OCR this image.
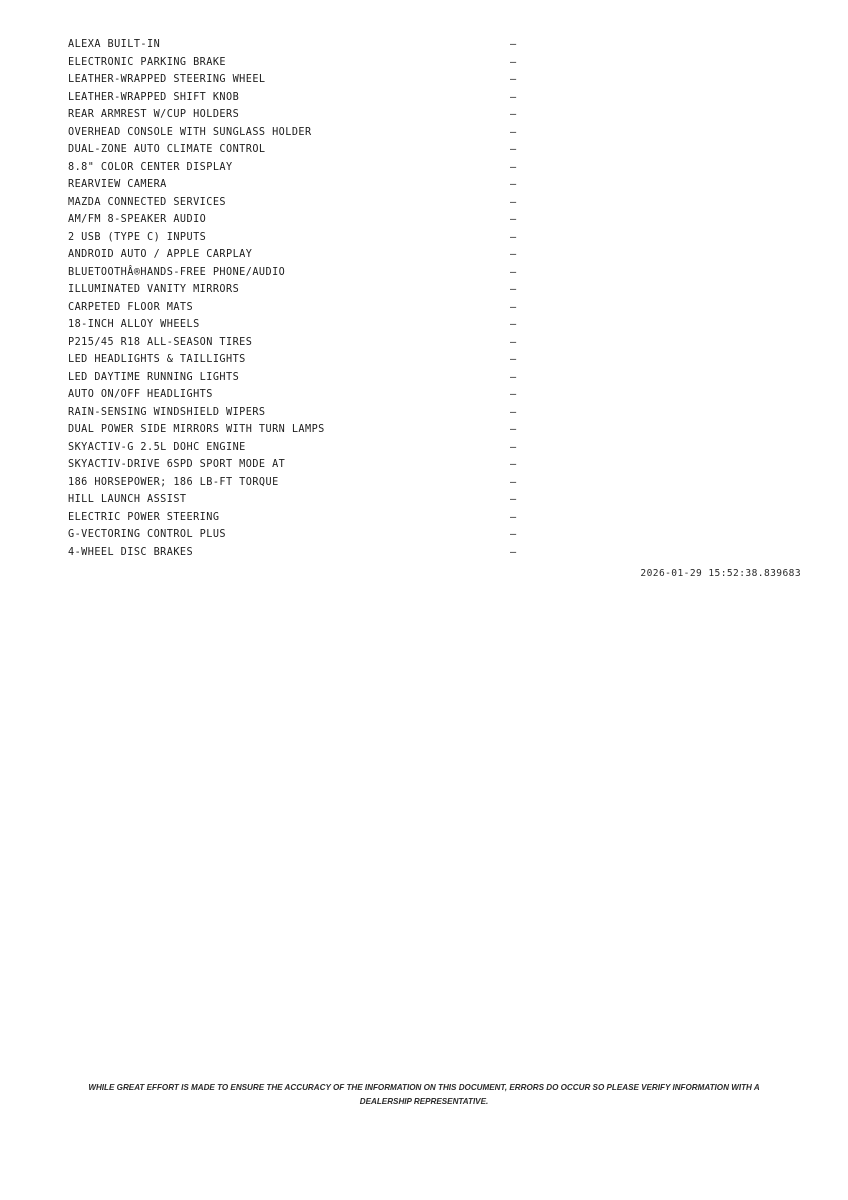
ALEXA BUILT-IN	—
ELECTRONIC PARKING BRAKE	—
LEATHER-WRAPPED STEERING WHEEL	—
LEATHER-WRAPPED SHIFT KNOB	—
REAR ARMREST W/CUP HOLDERS	—
OVERHEAD CONSOLE WITH SUNGLASS HOLDER	—
DUAL-ZONE AUTO CLIMATE CONTROL	—
8.8" COLOR CENTER DISPLAY	—
REARVIEW CAMERA	—
MAZDA CONNECTED SERVICES	—
AM/FM 8-SPEAKER AUDIO	—
2 USB (TYPE C) INPUTS	—
ANDROID AUTO / APPLE CARPLAY	—
BLUETOOTHÂ®HANDS-FREE PHONE/AUDIO	—
ILLUMINATED VANITY MIRRORS	—
CARPETED FLOOR MATS	—
18-INCH ALLOY WHEELS	—
P215/45 R18 ALL-SEASON TIRES	—
LED HEADLIGHTS & TAILLIGHTS	—
LED DAYTIME RUNNING LIGHTS	—
AUTO ON/OFF HEADLIGHTS	—
RAIN-SENSING WINDSHIELD WIPERS	—
DUAL POWER SIDE MIRRORS WITH TURN LAMPS	—
SKYACTIV-G 2.5L DOHC ENGINE	—
SKYACTIV-DRIVE 6SPD SPORT MODE AT	—
186 HORSEPOWER; 186 LB-FT TORQUE	—
HILL LAUNCH ASSIST	—
ELECTRIC POWER STEERING	—
G-VECTORING CONTROL PLUS	—
4-WHEEL DISC BRAKES	—
2026-01-29 15:52:38.839683
WHILE GREAT EFFORT IS MADE TO ENSURE THE ACCURACY OF THE INFORMATION ON THIS DOCUMENT, ERRORS DO OCCUR SO PLEASE VERIFY INFORMATION WITH A DEALERSHIP REPRESENTATIVE.
